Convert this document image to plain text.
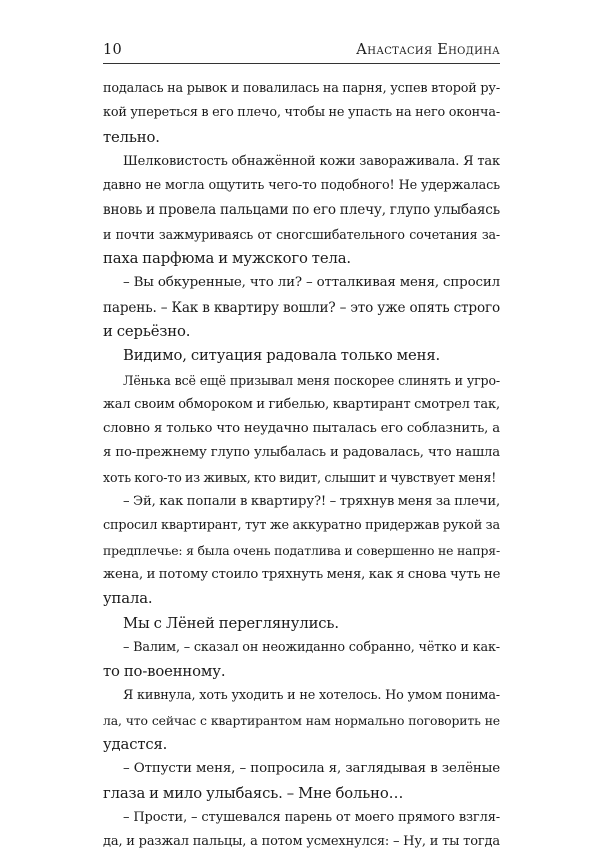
10	Анастасия Енодина
подалась на рывок и повалилась на парня, успев второй ру-
кой упереться в его плечо, чтобы не упасть на него оконча-
тельно.
Шелковистость обнажённой кожи завораживала. Я так
давно не могла ощутить чего-то подобного! Не удержалась
вновь и провела пальцами по его плечу, глупо улыбаясь
и почти зажмуриваясь от сногсшибательного сочетания за-
паха парфюма и мужского тела.
– Вы обкуренные, что ли? – отталкивая меня, спросил
парень. – Как в квартиру вошли? – это уже опять строго
и серьёзно.
Видимо, ситуация радовала только меня.
Лёнька всё ещё призывал меня поскорее слинять и угро-
жал своим обмороком и гибелью, квартирант смотрел так,
словно я только что неудачно пыталась его соблазнить, а
я по-прежнему глупо улыбалась и радовалась, что нашла
хоть кого-то из живых, кто видит, слышит и чувствует меня!
– Эй, как попали в квартиру?! – тряхнув меня за плечи,
спросил квартирант, тут же аккуратно придержав рукой за
предплечье: я была очень податлива и совершенно не напря-
жена, и потому стоило тряхнуть меня, как я снова чуть не
упала.
Мы с Лёней переглянулись.
– Валим, – сказал он неожиданно собранно, чётко и как-
то по-военному.
Я кивнула, хоть уходить и не хотелось. Но умом понима-
ла, что сейчас с квартирантом нам нормально поговорить не
удастся.
– Отпусти меня, – попросила я, заглядывая в зелёные
глаза и мило улыбаясь. – Мне больно…
– Прости, – стушевался парень от моего прямого взгля-
да, и разжал пальцы, а потом усмехнулся: – Ну, и ты тогда
